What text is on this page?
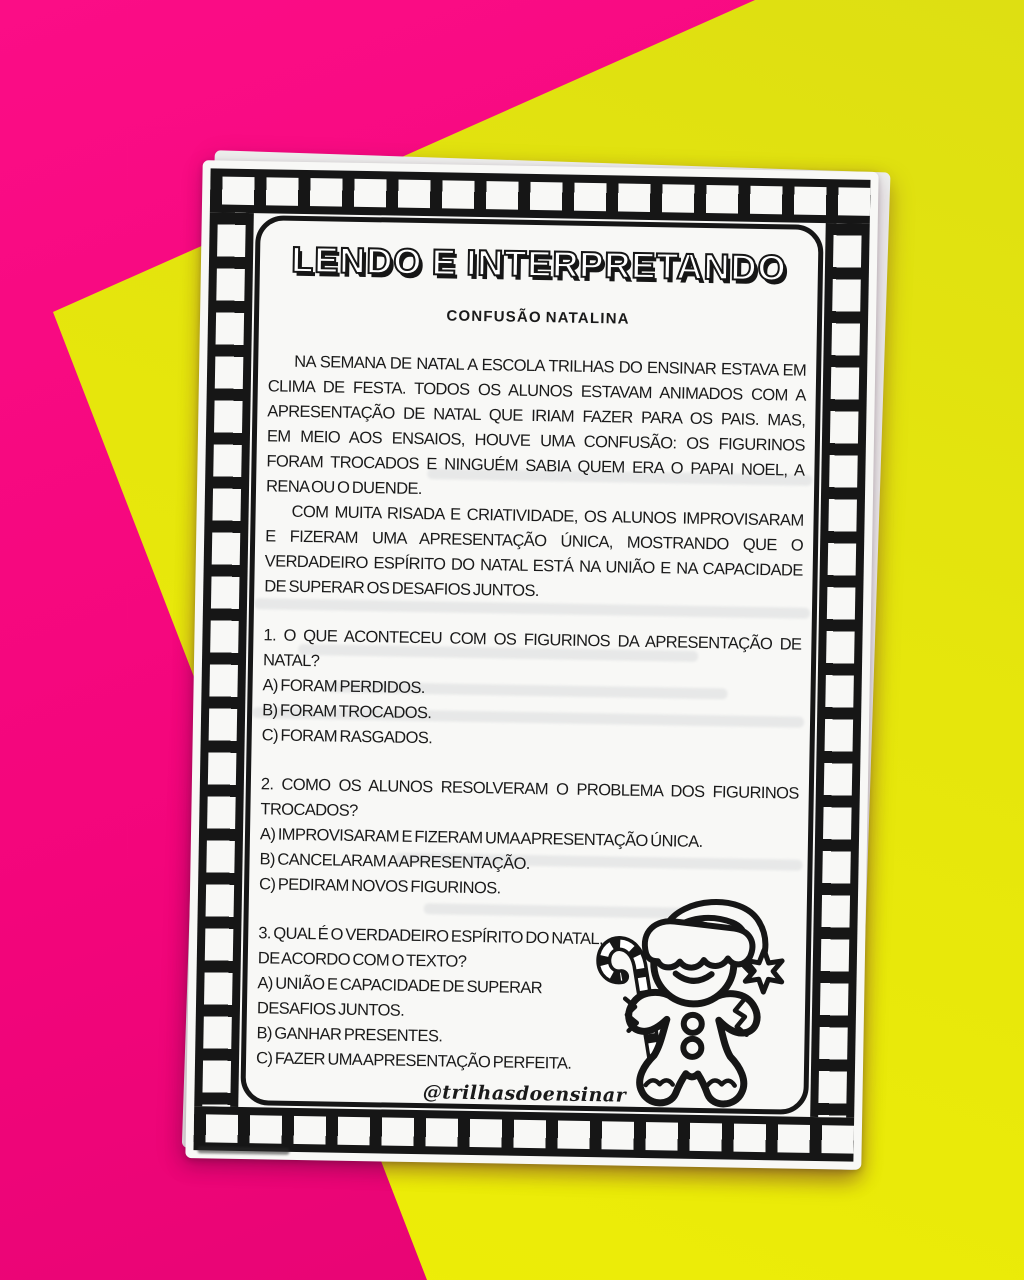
LENDO E INTERPRETANDO
CONFUSÃO NATALINA
NA SEMANA DE NATAL A ESCOLA TRILHAS DO ENSINAR ESTAVA EM
CLIMA DE FESTA. TODOS OS ALUNOS ESTAVAM ANIMADOS COM A
APRESENTAÇÃO DE NATAL QUE IRIAM FAZER PARA OS PAIS. MAS,
EM MEIO AOS ENSAIOS, HOUVE UMA CONFUSÃO: OS FIGURINOS
FORAM TROCADOS E NINGUÉM SABIA QUEM ERA O PAPAI NOEL, A
RENA OU O DUENDE.
COM MUITA RISADA E CRIATIVIDADE, OS ALUNOS IMPROVISARAM
E FIZERAM UMA APRESENTAÇÃO ÚNICA, MOSTRANDO QUE O
VERDADEIRO ESPÍRITO DO NATAL ESTÁ NA UNIÃO E NA CAPACIDADE
DE SUPERAR OS DESAFIOS JUNTOS.
1. O QUE ACONTECEU COM OS FIGURINOS DA APRESENTAÇÃO DE
NATAL?
A) FORAM PERDIDOS.
B) FORAM TROCADOS.
C) FORAM RASGADOS.
2. COMO OS ALUNOS RESOLVERAM O PROBLEMA DOS FIGURINOS
TROCADOS?
A) IMPROVISARAM E FIZERAM UMA APRESENTAÇÃO ÚNICA.
B) CANCELARAM A APRESENTAÇÃO.
C) PEDIRAM NOVOS FIGURINOS.
3. QUAL É O VERDADEIRO ESPÍRITO DO NATAL,
DE ACORDO COM O TEXTO?
A) UNIÃO E CAPACIDADE DE SUPERAR
DESAFIOS JUNTOS.
B) GANHAR PRESENTES.
C) FAZER UMA APRESENTAÇÃO PERFEITA.
@trilhasdoensinar
